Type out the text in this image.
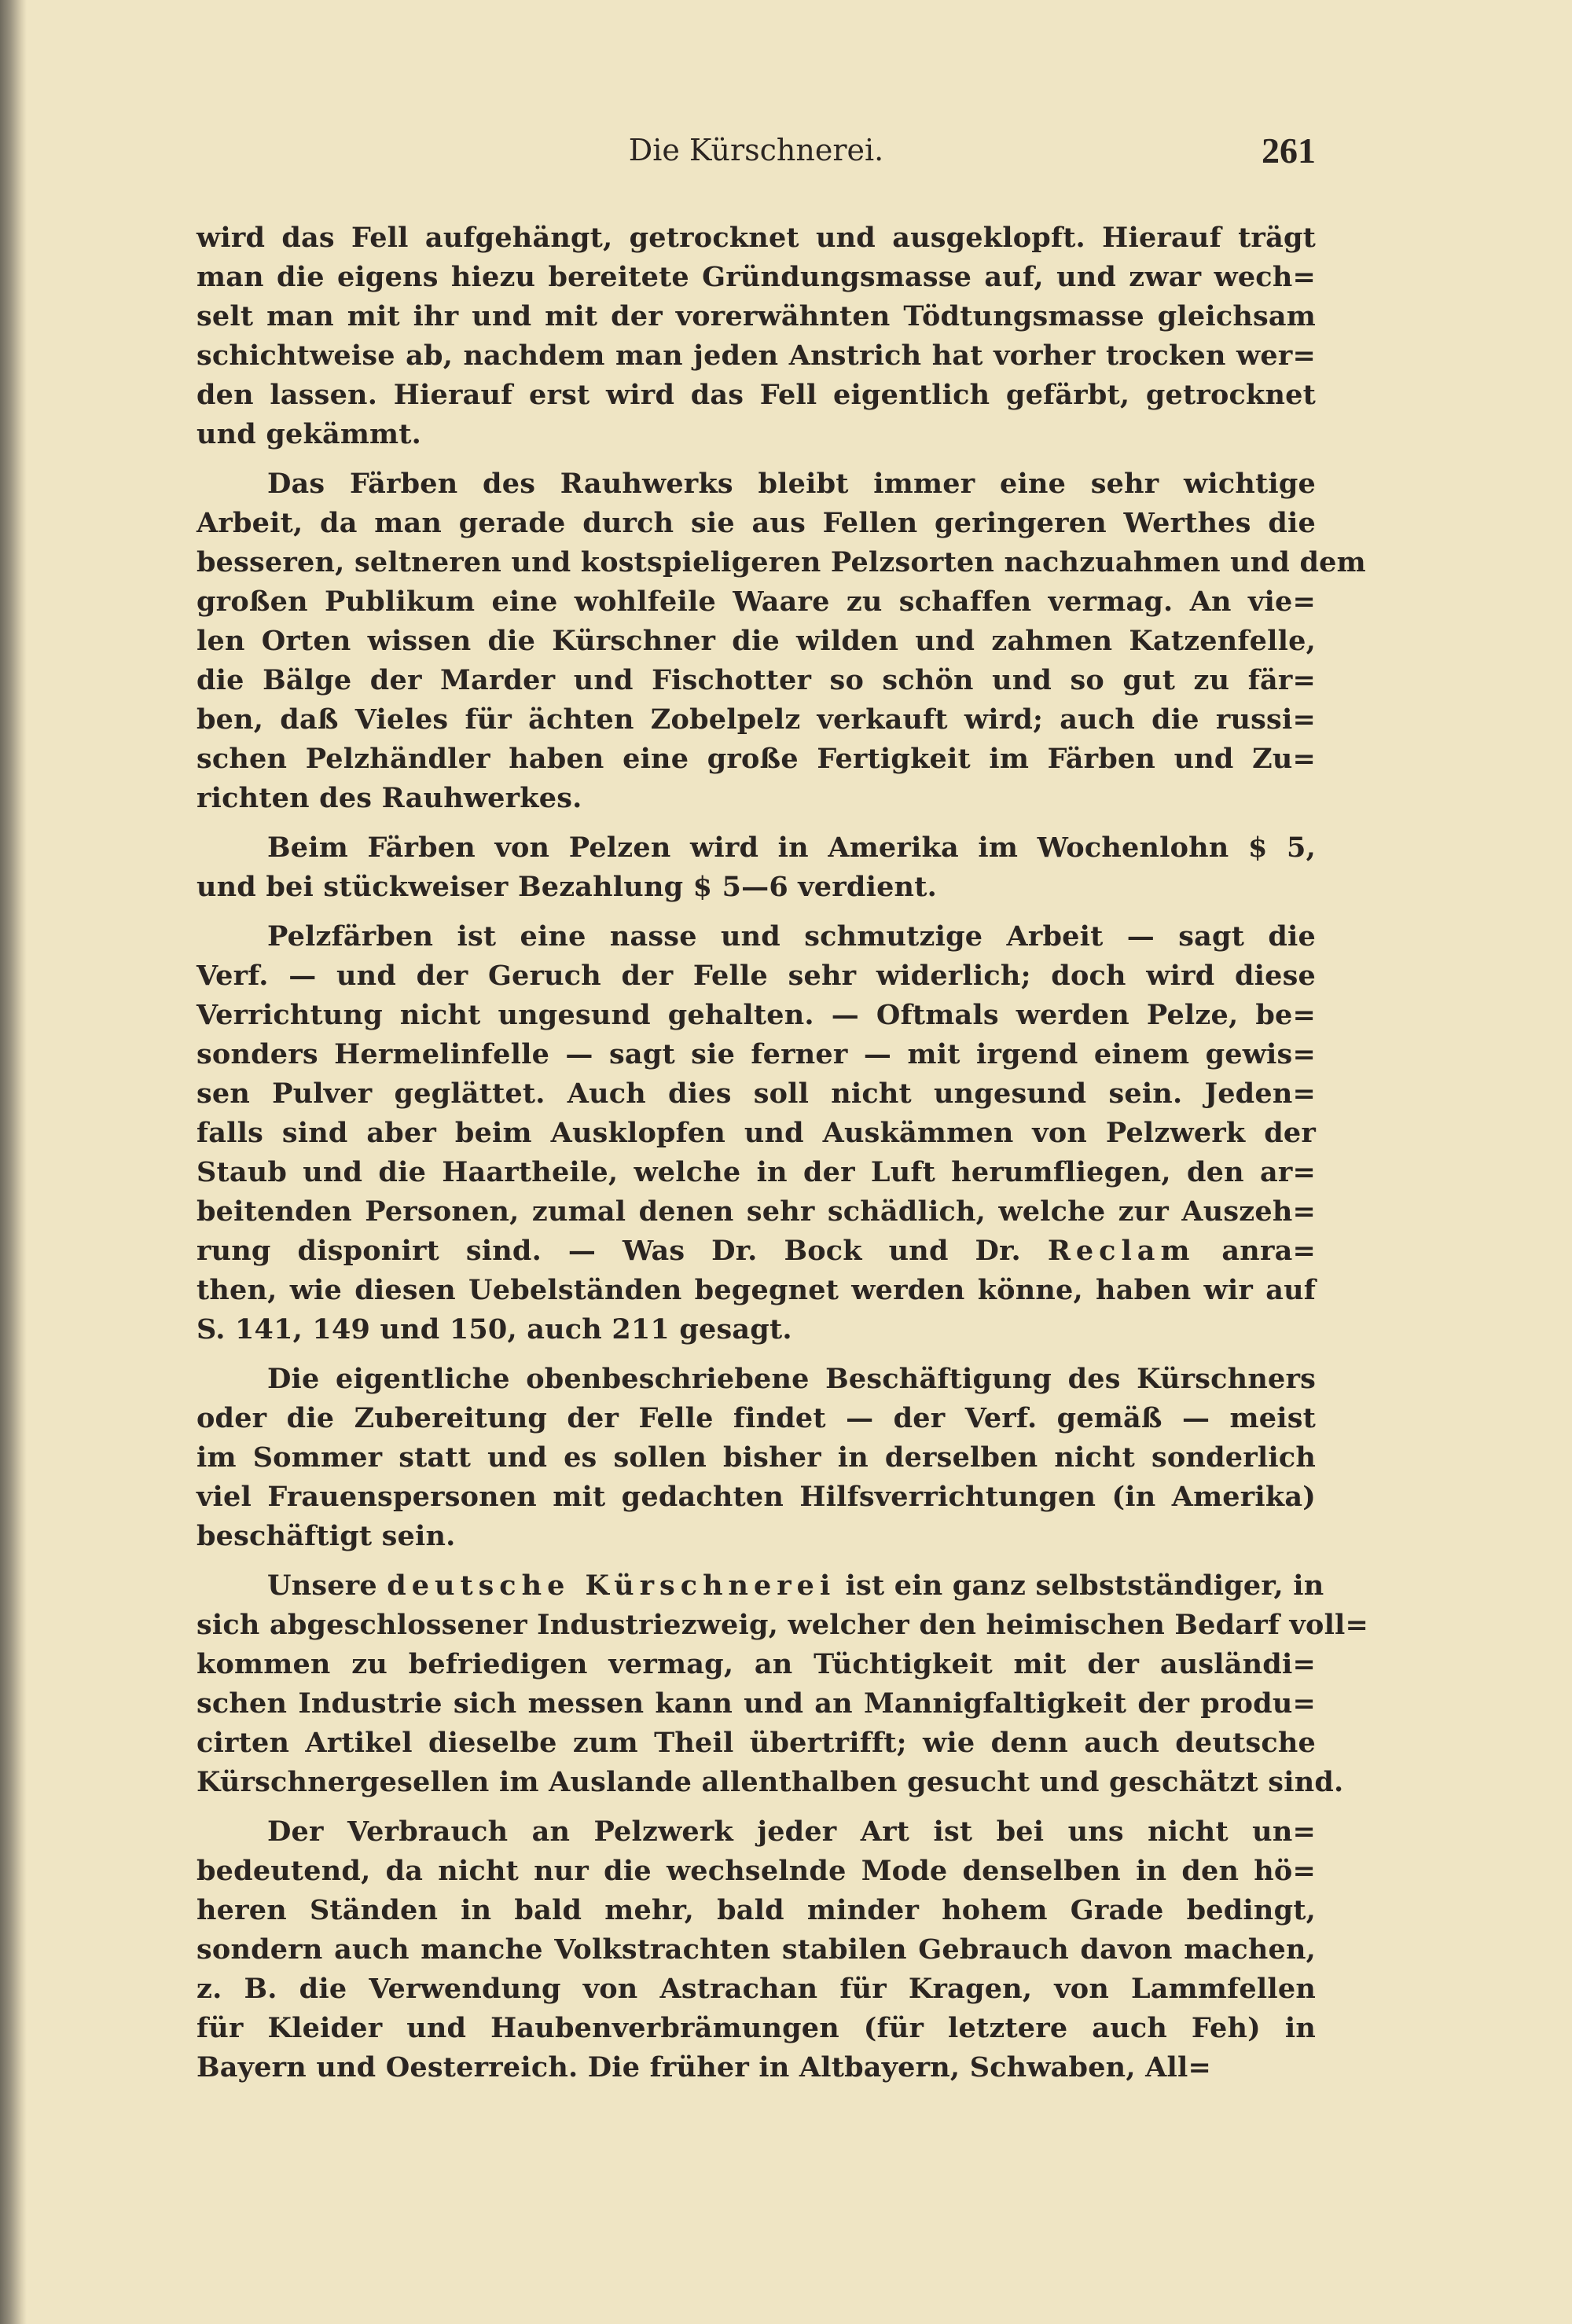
Die Kürschnerei.	261
wird das Fell aufgehängt, getrocknet und ausgeklopft. Hierauf trägt
man die eigens hiezu bereitete Gründungsmasse auf, und zwar wech=
selt man mit ihr und mit der vorerwähnten Tödtungsmasse gleichsam
schichtweise ab, nachdem man jeden Anstrich hat vorher trocken wer=
den lassen. Hierauf erst wird das Fell eigentlich gefärbt, getrocknet
und gekämmt.
Das Färben des Rauhwerks bleibt immer eine sehr wichtige
Arbeit, da man gerade durch sie aus Fellen geringeren Werthes die
besseren, seltneren und kostspieligeren Pelzsorten nachzuahmen und dem
großen Publikum eine wohlfeile Waare zu schaffen vermag. An vie=
len Orten wissen die Kürschner die wilden und zahmen Katzenfelle,
die Bälge der Marder und Fischotter so schön und so gut zu fär=
ben, daß Vieles für ächten Zobelpelz verkauft wird; auch die russi=
schen Pelzhändler haben eine große Fertigkeit im Färben und Zu=
richten des Rauhwerkes.
Beim Färben von Pelzen wird in Amerika im Wochenlohn $ 5,
und bei stückweiser Bezahlung $ 5—6 verdient.
Pelzfärben ist eine nasse und schmutzige Arbeit — sagt die
Verf. — und der Geruch der Felle sehr widerlich; doch wird diese
Verrichtung nicht ungesund gehalten. — Oftmals werden Pelze, be=
sonders Hermelinfelle — sagt sie ferner — mit irgend einem gewis=
sen Pulver geglättet. Auch dies soll nicht ungesund sein. Jeden=
falls sind aber beim Ausklopfen und Auskämmen von Pelzwerk der
Staub und die Haartheile, welche in der Luft herumfliegen, den ar=
beitenden Personen, zumal denen sehr schädlich, welche zur Auszeh=
rung disponirt sind. — Was Dr. Bock und Dr. Reclam anra=
then, wie diesen Uebelständen begegnet werden könne, haben wir auf
S. 141, 149 und 150, auch 211 gesagt.
Die eigentliche obenbeschriebene Beschäftigung des Kürschners
oder die Zubereitung der Felle findet — der Verf. gemäß — meist
im Sommer statt und es sollen bisher in derselben nicht sonderlich
viel Frauenspersonen mit gedachten Hilfsverrichtungen (in Amerika)
beschäftigt sein.
Unsere deutsche Kürschnerei ist ein ganz selbstständiger, in
sich abgeschlossener Industriezweig, welcher den heimischen Bedarf voll=
kommen zu befriedigen vermag, an Tüchtigkeit mit der ausländi=
schen Industrie sich messen kann und an Mannigfaltigkeit der produ=
cirten Artikel dieselbe zum Theil übertrifft; wie denn auch deutsche
Kürschnergesellen im Auslande allenthalben gesucht und geschätzt sind.
Der Verbrauch an Pelzwerk jeder Art ist bei uns nicht un=
bedeutend, da nicht nur die wechselnde Mode denselben in den hö=
heren Ständen in bald mehr, bald minder hohem Grade bedingt,
sondern auch manche Volkstrachten stabilen Gebrauch davon machen,
z. B. die Verwendung von Astrachan für Kragen, von Lammfellen
für Kleider und Haubenverbrämungen (für letztere auch Feh) in
Bayern und Oesterreich. Die früher in Altbayern, Schwaben, All=
